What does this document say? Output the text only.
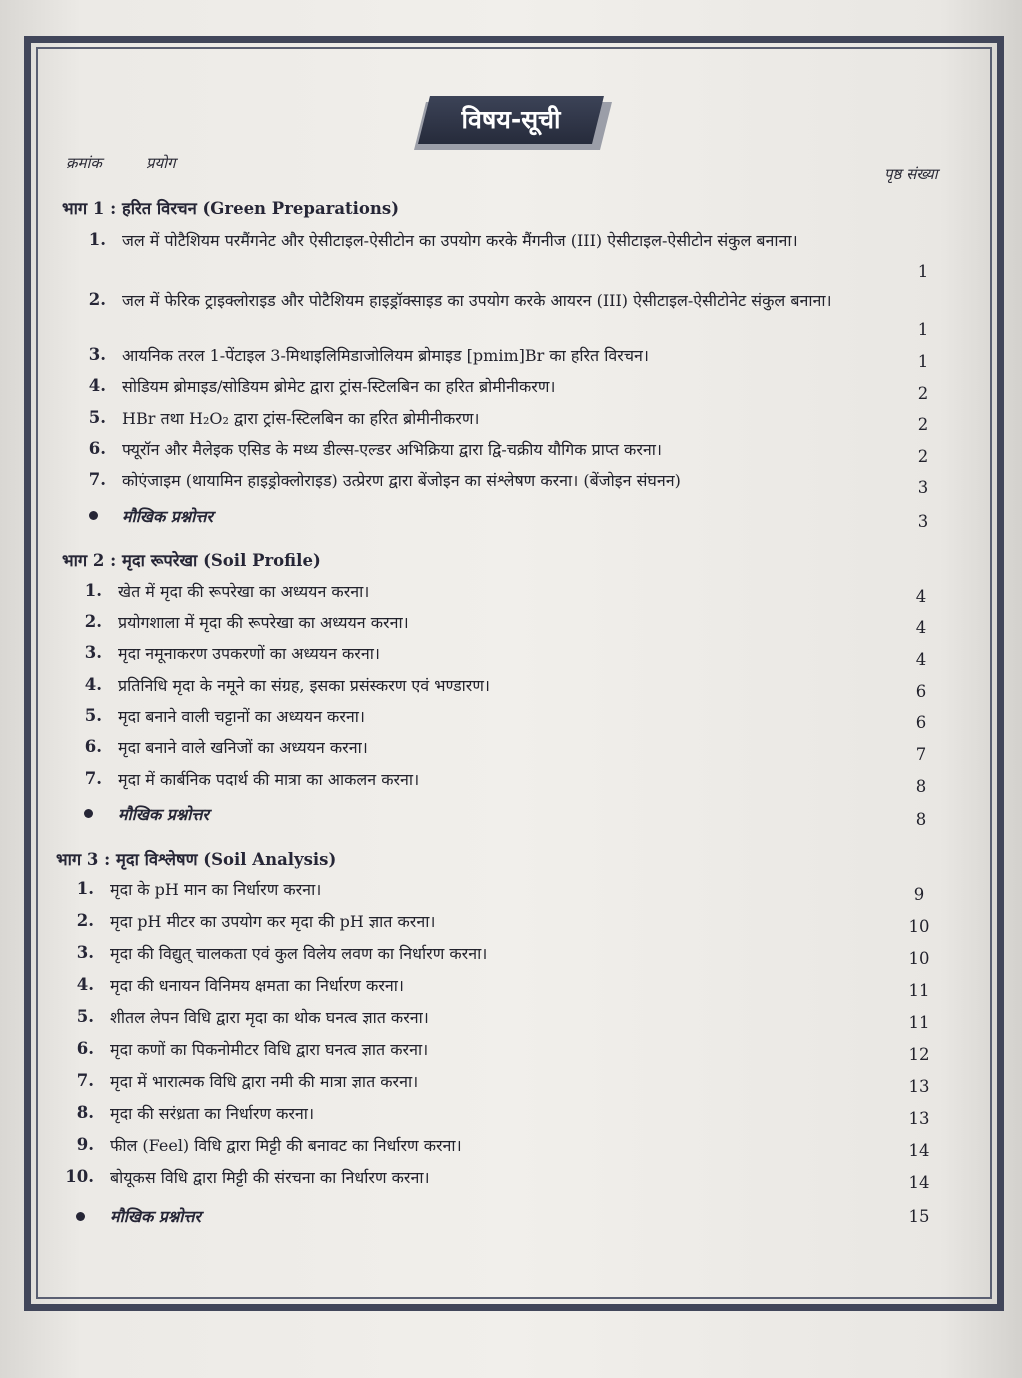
विषय-सूची
क्रमांक	प्रयोग
पृष्ठ संख्या
भाग 1 : हरित विरचन (Green Preparations)
1. जल में पोटैशियम परमैंगनेट और ऐसीटाइल-ऐसीटोन का उपयोग करके मैंगनीज (III) ऐसीटाइल-ऐसीटोन संकुल बनाना।
1
2. जल में फेरिक ट्राइक्लोराइड और पोटैशियम हाइड्रॉक्साइड का उपयोग करके आयरन (III) ऐसीटाइल-ऐसीटोनेट संकुल बनाना।
1
3. आयनिक तरल 1-पेंटाइल 3-मिथाइलिमिडाजोलियम ब्रोमाइड [pmim]Br का हरित विरचन।	1
4. सोडियम ब्रोमाइड/सोडियम ब्रोमेट द्वारा ट्रांस-स्टिलबिन का हरित ब्रोमीनीकरण।	2
5. HBr तथा H₂O₂ द्वारा ट्रांस-स्टिलबिन का हरित ब्रोमीनीकरण।	2
6. फ्यूरॉन और मैलेइक एसिड के मध्य डील्स-एल्डर अभिक्रिया द्वारा द्वि-चक्रीय यौगिक प्राप्त करना।	2
7. कोएंजाइम (थायामिन हाइड्रोक्लोराइड) उत्प्रेरण द्वारा बेंजोइन का संश्लेषण करना। (बेंजोइन संघनन)	3
मौखिक प्रश्नोत्तर	3
भाग 2 : मृदा रूपरेखा (Soil Profile)
1. खेत में मृदा की रूपरेखा का अध्ययन करना।	4
2. प्रयोगशाला में मृदा की रूपरेखा का अध्ययन करना।	4
3. मृदा नमूनाकरण उपकरणों का अध्ययन करना।	4
4. प्रतिनिधि मृदा के नमूने का संग्रह, इसका प्रसंस्करण एवं भण्डारण।	6
5. मृदा बनाने वाली चट्टानों का अध्ययन करना।	6
6. मृदा बनाने वाले खनिजों का अध्ययन करना।	7
7. मृदा में कार्बनिक पदार्थ की मात्रा का आकलन करना।	8
मौखिक प्रश्नोत्तर	8
भाग 3 : मृदा विश्लेषण (Soil Analysis)
1. मृदा के pH मान का निर्धारण करना।	9
2. मृदा pH मीटर का उपयोग कर मृदा की pH ज्ञात करना।	10
3. मृदा की विद्युत् चालकता एवं कुल विलेय लवण का निर्धारण करना।	10
4. मृदा की धनायन विनिमय क्षमता का निर्धारण करना।	11
5. शीतल लेपन विधि द्वारा मृदा का थोक घनत्व ज्ञात करना।	11
6. मृदा कणों का पिकनोमीटर विधि द्वारा घनत्व ज्ञात करना।	12
7. मृदा में भारात्मक विधि द्वारा नमी की मात्रा ज्ञात करना।	13
8. मृदा की सरंध्रता का निर्धारण करना।	13
9. फील (Feel) विधि द्वारा मिट्टी की बनावट का निर्धारण करना।	14
10. बोयूकस विधि द्वारा मिट्टी की संरचना का निर्धारण करना।	14
मौखिक प्रश्नोत्तर	15
